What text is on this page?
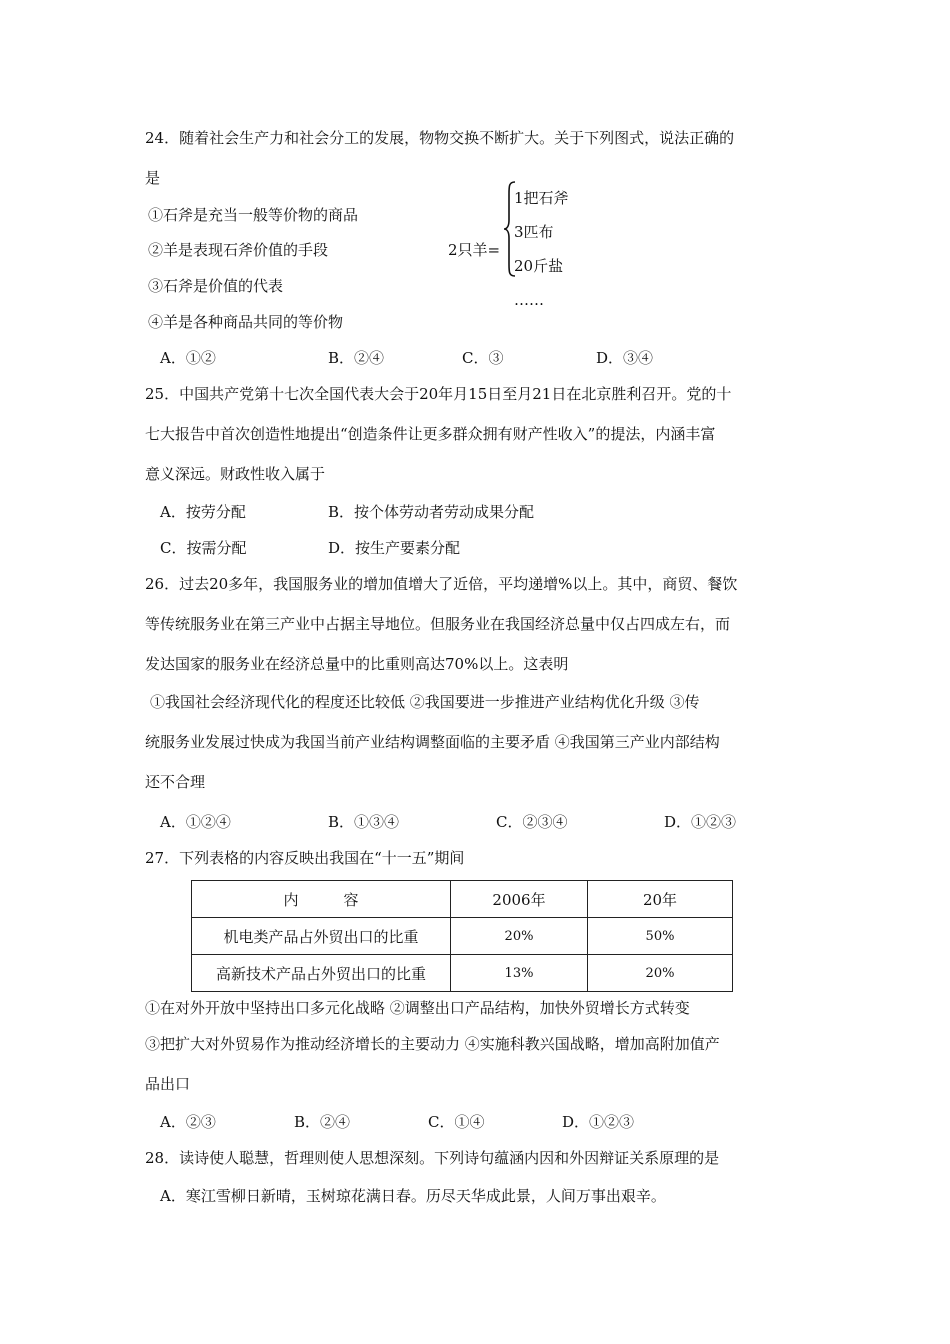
24．随着社会生产力和社会分工的发展，物物交换不断扩大。关于下列图式，说法正确的
是
①石斧是充当一般等价物的商品
②羊是表现石斧价值的手段
③石斧是价值的代表
④羊是各种商品共同的等价物
2只羊=
1把石斧
3匹布
20斤盐
……
A．①②	B．②④	C．③	D．③④
25．中国共产党第十七次全国代表大会于20年月15日至月21日在北京胜利召开。党的十
七大报告中首次创造性地提出“创造条件让更多群众拥有财产性收入”的提法，内涵丰富
意义深远。财政性收入属于
A．按劳分配	B．按个体劳动者劳动成果分配
C．按需分配	D．按生产要素分配
26．过去20多年，我国服务业的增加值增大了近倍，平均递增%以上。其中，商贸、餐饮
等传统服务业在第三产业中占据主导地位。但服务业在我国经济总量中仅占四成左右，而
发达国家的服务业在经济总量中的比重则高达70%以上。这表明
①我国社会经济现代化的程度还比较低 ②我国要进一步推进产业结构优化升级 ③传
统服务业发展过快成为我国当前产业结构调整面临的主要矛盾 ④我国第三产业内部结构
还不合理
A．①②④	B．①③④	C．②③④	D．①②③
27．下列表格的内容反映出我国在“十一五”期间
内　　　容	2006年	20年
机电类产品占外贸出口的比重	20%	50%
高新技术产品占外贸出口的比重	13%	20%
①在对外开放中坚持出口多元化战略 ②调整出口产品结构，加快外贸增长方式转变
③把扩大对外贸易作为推动经济增长的主要动力 ④实施科教兴国战略，增加高附加值产
品出口
A．②③	B．②④	C．①④	D．①②③
28．读诗使人聪慧，哲理则使人思想深刻。下列诗句蕴涵内因和外因辩证关系原理的是
A．寒江雪柳日新晴，玉树琼花满日春。历尽天华成此景，人间万事出艰辛。
